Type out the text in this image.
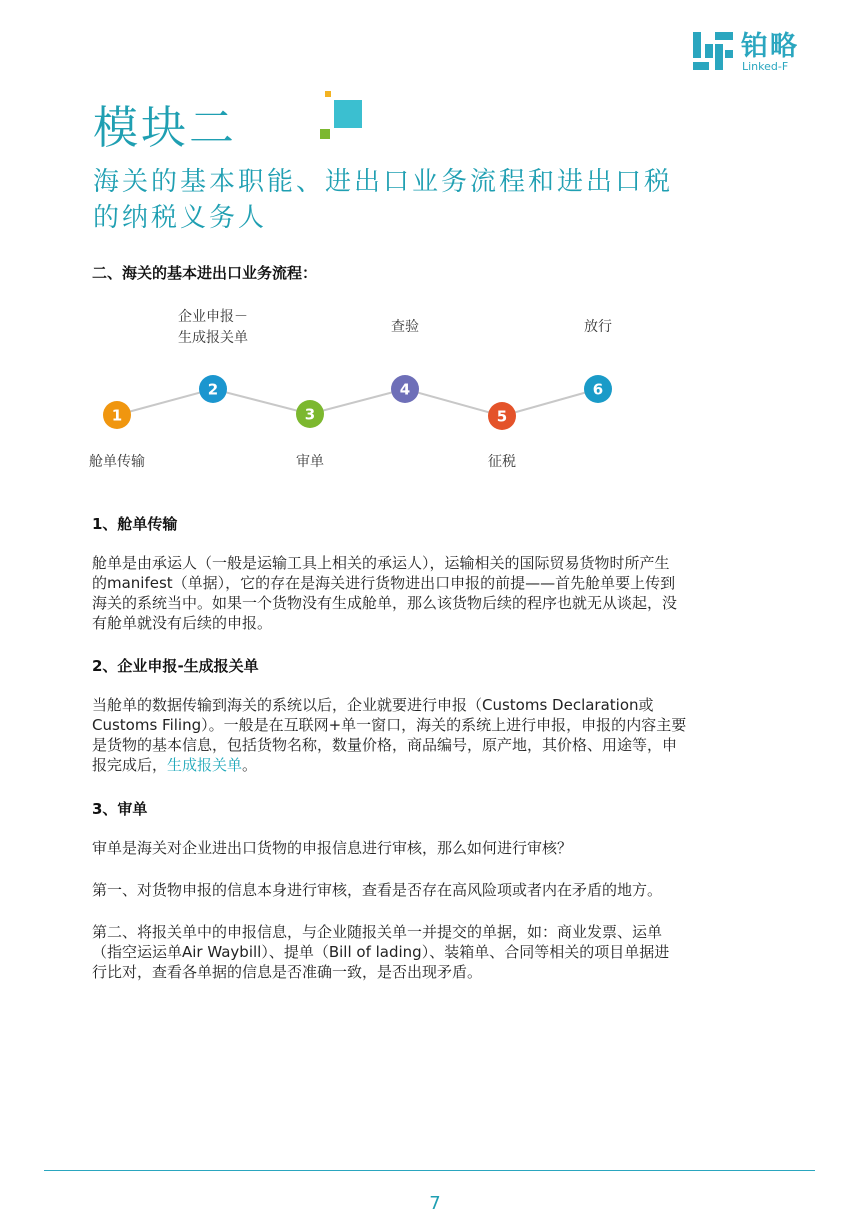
铂略
Linked-F
模块二
海关的基本职能、进出口业务流程和进出口税
的纳税义务人
二、海关的基本进出口业务流程：
1
2
3
4
5
6
企业申报－
生成报关单
查验	放行
舱单传输	审单	征税
1、舱单传输
舱单是由承运人（一般是运输工具上相关的承运人），运输相关的国际贸易货物时所产生
的manifest（单据），它的存在是海关进行货物进出口申报的前提——首先舱单要上传到
海关的系统当中。如果一个货物没有生成舱单，那么该货物后续的程序也就无从谈起，没
有舱单就没有后续的申报。
2、企业申报-生成报关单
当舱单的数据传输到海关的系统以后，企业就要进行申报（Customs Declaration或
Customs Filing）。一般是在互联网+单一窗口，海关的系统上进行申报，申报的内容主要
是货物的基本信息，包括货物名称，数量价格，商品编号，原产地，其价格、用途等，申
报完成后，生成报关单。
3、审单
审单是海关对企业进出口货物的申报信息进行审核，那么如何进行审核？
第一、对货物申报的信息本身进行审核，查看是否存在高风险项或者内在矛盾的地方。
第二、将报关单中的申报信息，与企业随报关单一并提交的单据，如：商业发票、运单
（指空运运单Air Waybill）、提单（Bill of lading）、装箱单、合同等相关的项目单据进
行比对，查看各单据的信息是否准确一致，是否出现矛盾。
7
